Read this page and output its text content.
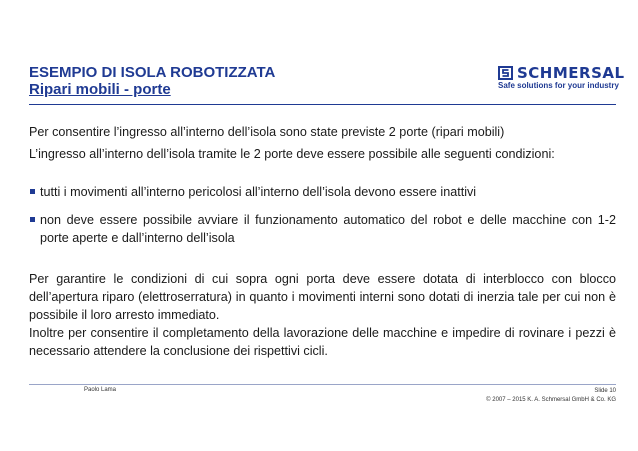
ESEMPIO DI ISOLA ROBOTIZZATA
Ripari mobili - porte
SCHMERSAL
Safe solutions for your industry
Per consentire l’ingresso all’interno dell’isola sono state previste 2 porte (ripari mobili)
L’ingresso all’interno dell’isola tramite le 2 porte deve essere possibile alle seguenti condizioni:
tutti i movimenti all’interno pericolosi all’interno dell’isola devono essere inattivi
non deve essere possibile avviare il funzionamento automatico del robot e delle macchine con 1-2 porte aperte e dall’interno dell’isola
Per garantire le condizioni di cui sopra ogni porta deve essere dotata di interblocco con blocco dell’apertura riparo (elettroserratura) in quanto i movimenti interni sono dotati di inerzia tale per cui non è possibile il loro arresto immediato.
Inoltre per consentire il completamento della lavorazione delle macchine e impedire di rovinare i pezzi è necessario attendere la conclusione dei rispettivi cicli.
Paolo Lama	Slide 10
© 2007 – 2015 K. A. Schmersal GmbH & Co. KG
